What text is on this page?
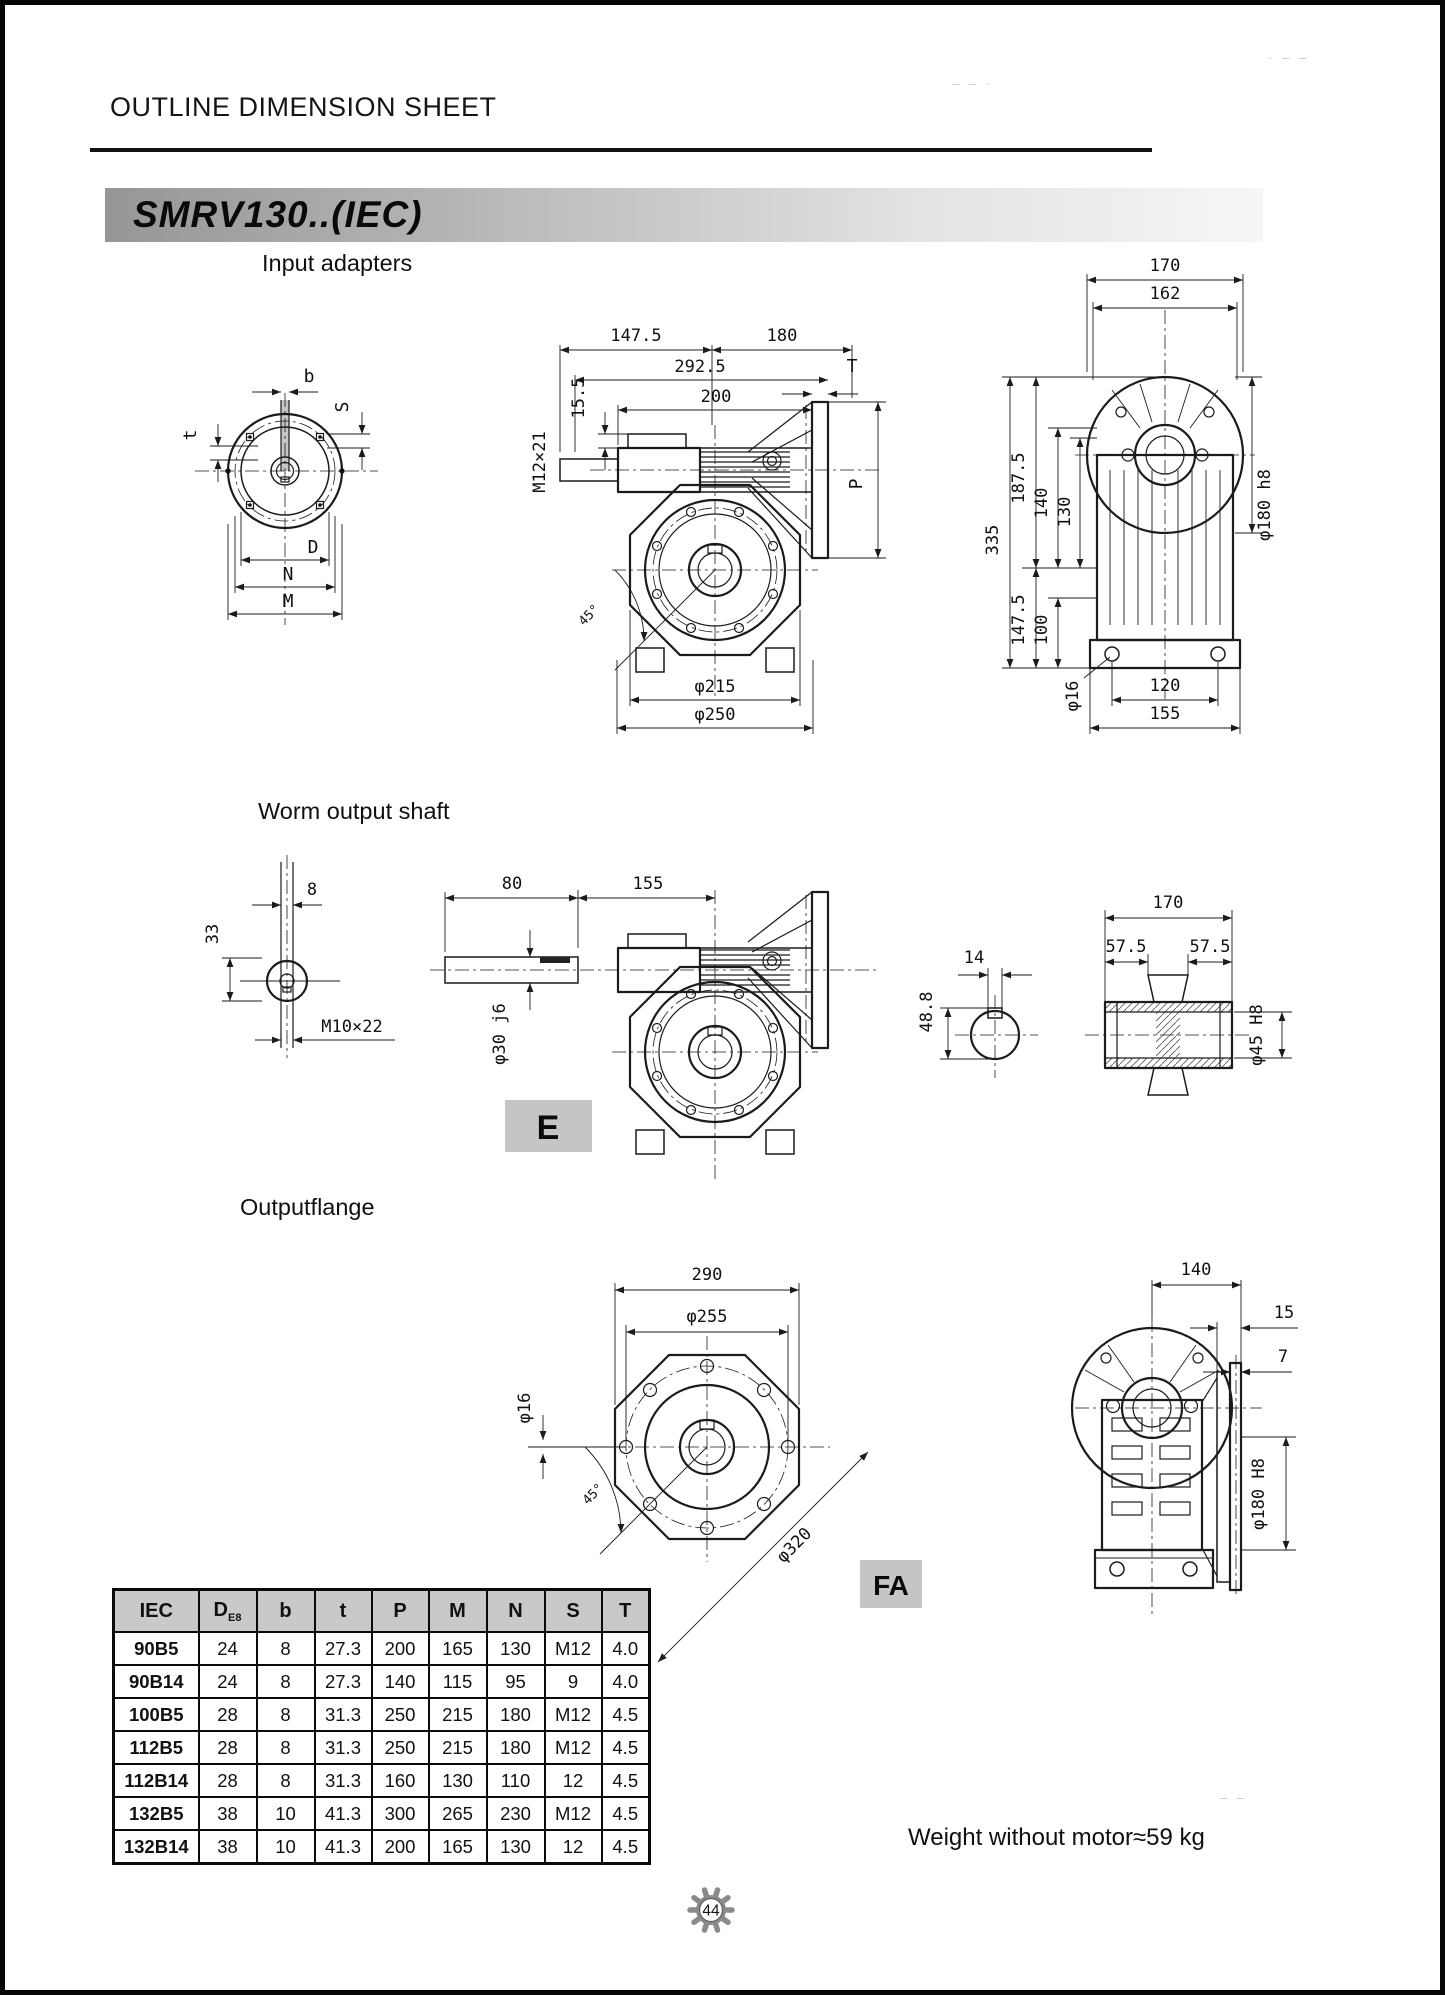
OUTLINE DIMENSION SHEET
SMRV130..(IEC)
Input adapters
Worm output shaft
Outputflange
– – ·
· – –
– –
b
S
t
D
N
M
147.5	180
292.5
200
T
15.5
M12×21	P
45°
φ215
φ250
170
162
335
187.5 140 130
147.5 100
120
155
φ16
φ180 h8
8
33
M10×22
80	155
φ30 j6
E
14
48.8
170
57.5	57.5
φ45 H8
290
φ255
φ16
45°
φ320
140
15
7
φ180 H8
FA
IEC	$D_{E8}$	b	t	P	M	N	S	T
90B5	24	8	27.3	200	165	130	M12	4.0
90B14	24	8	27.3	140	115	95	9	4.0
100B5	28	8	31.3	250	215	180	M12	4.5
112B5	28	8	31.3	250	215	180	M12	4.5
112B14	28	8	31.3	160	130	110	12	4.5
132B5	38	10	41.3	300	265	230	M12	4.5
132B14	38	10	41.3	200	165	130	12	4.5	Weight without motor≈59 kg
44
